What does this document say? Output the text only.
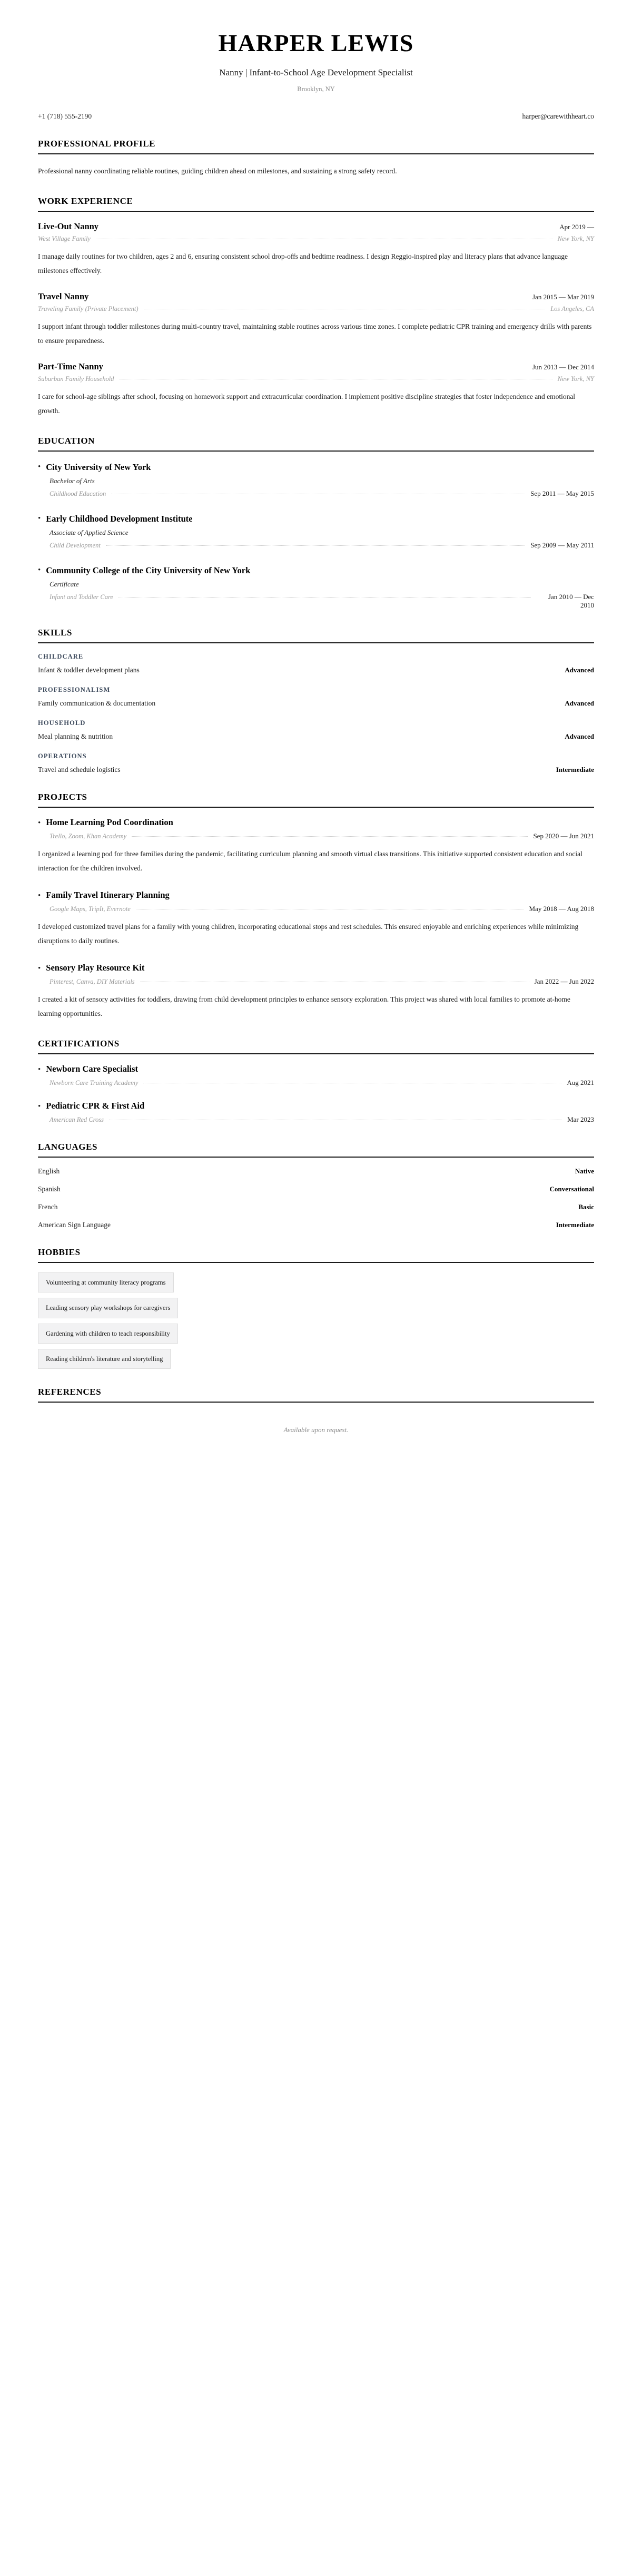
HARPER LEWIS
Nanny | Infant-to-School Age Development Specialist
Brooklyn, NY
+1 (718) 555-2190	harper@carewithheart.co
PROFESSIONAL PROFILE
Professional nanny coordinating reliable routines, guiding children ahead on milestones, and sustaining a strong safety record.
WORK EXPERIENCE
Live-Out Nanny	Apr 2019 —
West Village Family	New York, NY
I manage daily routines for two children, ages 2 and 6, ensuring consistent school drop-offs and bedtime readiness. I design Reggio-inspired play and literacy plans that advance language milestones effectively.
Travel Nanny	Jan 2015 — Mar 2019
Traveling Family (Private Placement)	Los Angeles, CA
I support infant through toddler milestones during multi-country travel, maintaining stable routines across various time zones. I complete pediatric CPR training and emergency drills with parents to ensure preparedness.
Part-Time Nanny	Jun 2013 — Dec 2014
Suburban Family Household	New York, NY
I care for school-age siblings after school, focusing on homework support and extracurricular coordination. I implement positive discipline strategies that foster independence and emotional growth.
EDUCATION
• City University of New York
Bachelor of Arts
Childhood Education	Sep 2011 — May 2015
• Early Childhood Development Institute
Associate of Applied Science
Child Development	Sep 2009 — May 2011
• Community College of the City University of New York
Certificate
Infant and Toddler Care	Jan 2010 — Dec 2010
SKILLS
CHILDCARE
Infant & toddler development plans	Advanced
PROFESSIONALISM
Family communication & documentation	Advanced
HOUSEHOLD
Meal planning & nutrition	Advanced
OPERATIONS
Travel and schedule logistics	Intermediate
PROJECTS
• Home Learning Pod Coordination
Trello, Zoom, Khan Academy	Sep 2020 — Jun 2021
I organized a learning pod for three families during the pandemic, facilitating curriculum planning and smooth virtual class transitions. This initiative supported consistent education and social interaction for the children involved.
• Family Travel Itinerary Planning
Google Maps, TripIt, Evernote	May 2018 — Aug 2018
I developed customized travel plans for a family with young children, incorporating educational stops and rest schedules. This ensured enjoyable and enriching experiences while minimizing disruptions to daily routines.
• Sensory Play Resource Kit
Pinterest, Canva, DIY Materials	Jan 2022 — Jun 2022
I created a kit of sensory activities for toddlers, drawing from child development principles to enhance sensory exploration. This project was shared with local families to promote at-home learning opportunities.
CERTIFICATIONS
• Newborn Care Specialist
Newborn Care Training Academy	Aug 2021
• Pediatric CPR & First Aid
American Red Cross	Mar 2023
LANGUAGES
English	Native
Spanish	Conversational
French	Basic
American Sign Language	Intermediate
HOBBIES
Volunteering at community literacy programs
Leading sensory play workshops for caregivers
Gardening with children to teach responsibility
Reading children's literature and storytelling
REFERENCES
Available upon request.
